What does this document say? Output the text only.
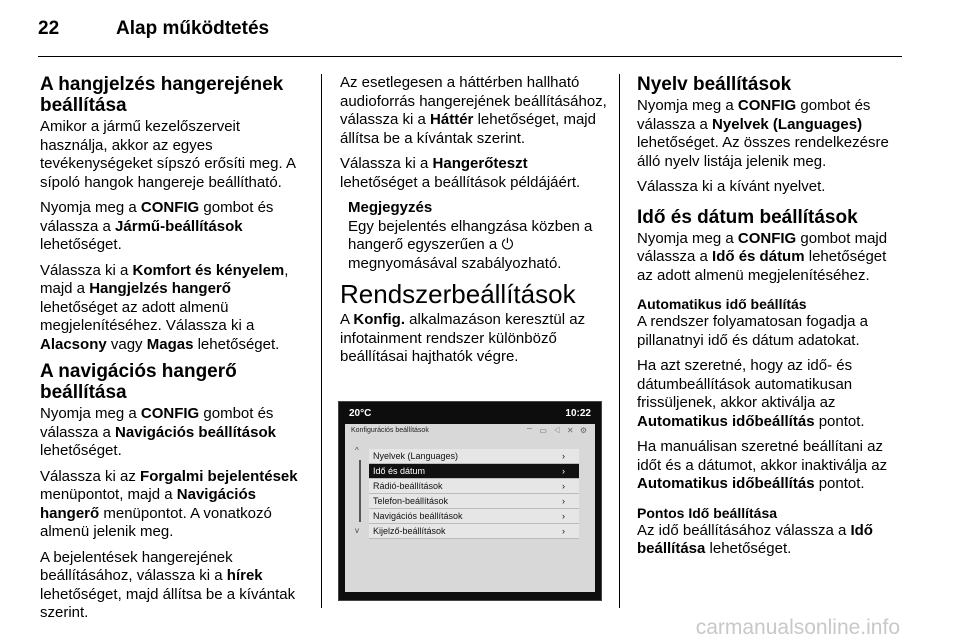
22	Alap működtetés
A hangjelzés hangerejének beállítása

Amikor a jármű kezelőszerveit használja, akkor az egyes tevékenységeket sípszó erősíti meg. A sípoló hangok hangereje beállítható.

Nyomja meg a CONFIG gombot és válassza a Jármű-beállítások lehetőséget.

Válassza ki a Komfort és kényelem, majd a Hangjelzés hangerő lehetőséget az adott almenü megjelenítéséhez. Válassza ki a Alacsony vagy Magas lehetőséget.

A navigációs hangerő beállítása

Nyomja meg a CONFIG gombot és válassza a Navigációs beállítások lehetőséget.

Válassza ki az Forgalmi bejelentések menüpontot, majd a Navigációs hangerő menüpontot. A vonatkozó almenü jelenik meg.

A bejelentések hangerejének beállításához, válassza ki a hírek lehetőséget, majd állítsa be a kívántak szerint.

Az esetlegesen a háttérben hallható audioforrás hangerejének beállításához, válassza ki a Háttér lehetőséget, majd állítsa be a kívántak szerint.

Válassza ki a Hangerőteszt lehetőséget a beállítások példájáért.

Megjegyzés
Egy bejelentés elhangzása közben a hangerő egyszerűen a ⏻ megnyomásával szabályozható.
Rendszerbeállítások

A Konfig. alkalmazáson keresztül az infotainment rendszer különböző beállításai hajthatók végre.

20°C	10:22
Konfigurációs beállítások	⌔ ▭ ◁ ✕ ⚙
^
v
Nyelvek (Languages)	›
Idő és dátum	›
Rádió-beállítások	›
Telefon-beállítások	›
Navigációs beállítások	›
Kijelző-beállítások	›
Nyelv beállítások

Nyomja meg a CONFIG gombot és válassza a Nyelvek (Languages) lehetőséget. Az összes rendelkezésre álló nyelv listája jelenik meg.

Válassza ki a kívánt nyelvet.

Idő és dátum beállítások

Nyomja meg a CONFIG gombot majd válassza a Idő és dátum lehetőséget az adott almenü megjelenítéséhez.

Automatikus idő beállítás

A rendszer folyamatosan fogadja a pillanatnyi idő és dátum adatokat.

Ha azt szeretné, hogy az idő- és dátumbeállítások automatikusan frissüljenek, akkor aktiválja az Automatikus időbeállítás pontot.

Ha manuálisan szeretné beállítani az időt és a dátumot, akkor inaktiválja az Automatikus időbeállítás pontot.

Pontos Idő beállítása

Az idő beállításához válassza a Idő beállítása lehetőséget.

carmanualsonline.info
